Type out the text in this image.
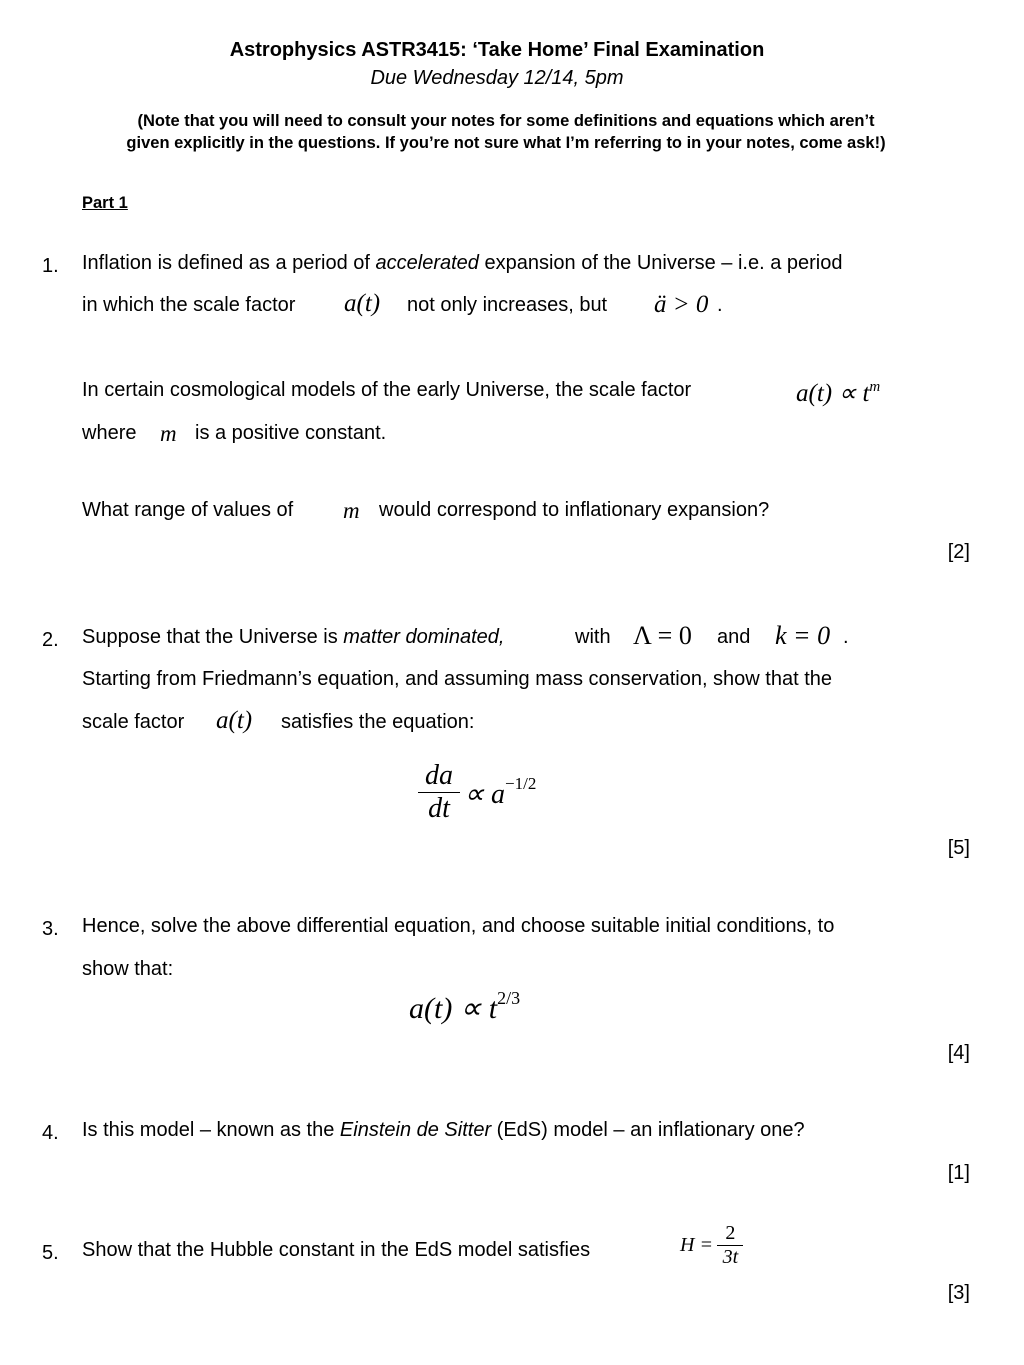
Astrophysics ASTR3415: ‘Take Home’ Final Examination
Due Wednesday 12/14, 5pm
(Note that you will need to consult your notes for some definitions and equations which aren’t
given explicitly in the questions. If you’re not sure what I’m referring to in your notes, come ask!)
Part 1
1. Inflation is defined as a period of accelerated expansion of the Universe – i.e. a period
in which the scale factor a(t) not only increases, but ä > 0 .
In certain cosmological models of the early Universe, the scale factor	$a(t) \propto t^m$
where m is a positive constant.
What range of values of m would correspond to inflationary expansion?
[2]
2. Suppose that the Universe is matter dominated,	with Λ = 0 and k = 0 .
Starting from Friedmann’s equation, and assuming mass conservation, show that the
scale factor a(t) satisfies the equation:
$\frac{da}{dt} \propto a^{-1/2}$
[5]
3. Hence, solve the above differential equation, and choose suitable initial conditions, to
show that:
$a(t) \propto t^{2/3}$
[4]
4. Is this model – known as the Einstein de Sitter (EdS) model – an inflationary one?
[1]
5. Show that the Hubble constant in the EdS model satisfies	$H = \frac{2}{3t}$
[3]
